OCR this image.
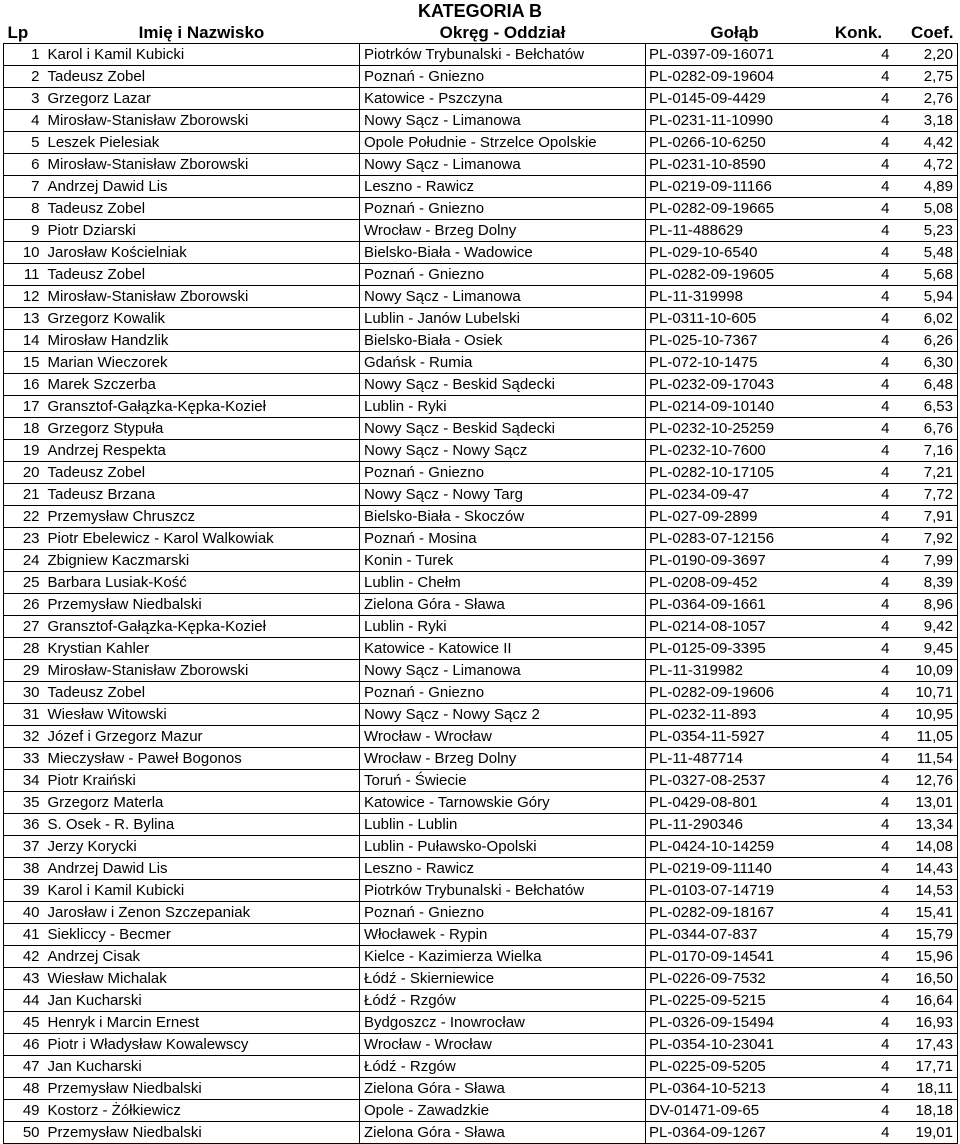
KATEGORIA B
Lp	Imię i Nazwisko	Okręg - Oddział	Gołąb	Konk.	Coef.
1	Karol i Kamil Kubicki	Piotrków Trybunalski - Bełchatów	PL-0397-09-16071	4	2,20
2	Tadeusz Zobel	Poznań - Gniezno	PL-0282-09-19604	4	2,75
3	Grzegorz Lazar	Katowice - Pszczyna	PL-0145-09-4429	4	2,76
4	Mirosław-Stanisław Zborowski	Nowy Sącz - Limanowa	PL-0231-11-10990	4	3,18
5	Leszek Pielesiak	Opole Południe - Strzelce Opolskie	PL-0266-10-6250	4	4,42
6	Mirosław-Stanisław Zborowski	Nowy Sącz - Limanowa	PL-0231-10-8590	4	4,72
7	Andrzej Dawid Lis	Leszno - Rawicz	PL-0219-09-11166	4	4,89
8	Tadeusz Zobel	Poznań - Gniezno	PL-0282-09-19665	4	5,08
9	Piotr Dziarski	Wrocław - Brzeg Dolny	PL-11-488629	4	5,23
10	Jarosław Kościelniak	Bielsko-Biała - Wadowice	PL-029-10-6540	4	5,48
11	Tadeusz Zobel	Poznań - Gniezno	PL-0282-09-19605	4	5,68
12	Mirosław-Stanisław Zborowski	Nowy Sącz - Limanowa	PL-11-319998	4	5,94
13	Grzegorz Kowalik	Lublin - Janów Lubelski	PL-0311-10-605	4	6,02
14	Mirosław Handzlik	Bielsko-Biała - Osiek	PL-025-10-7367	4	6,26
15	Marian Wieczorek	Gdańsk - Rumia	PL-072-10-1475	4	6,30
16	Marek Szczerba	Nowy Sącz - Beskid Sądecki	PL-0232-09-17043	4	6,48
17	Gransztof-Gałązka-Kępka-Kozieł	Lublin - Ryki	PL-0214-09-10140	4	6,53
18	Grzegorz Stypuła	Nowy Sącz - Beskid Sądecki	PL-0232-10-25259	4	6,76
19	Andrzej Respekta	Nowy Sącz - Nowy Sącz	PL-0232-10-7600	4	7,16
20	Tadeusz Zobel	Poznań - Gniezno	PL-0282-10-17105	4	7,21
21	Tadeusz Brzana	Nowy Sącz - Nowy Targ	PL-0234-09-47	4	7,72
22	Przemysław Chruszcz	Bielsko-Biała - Skoczów	PL-027-09-2899	4	7,91
23	Piotr Ebelewicz - Karol Walkowiak	Poznań - Mosina	PL-0283-07-12156	4	7,92
24	Zbigniew Kaczmarski	Konin - Turek	PL-0190-09-3697	4	7,99
25	Barbara Lusiak-Kość	Lublin - Chełm	PL-0208-09-452	4	8,39
26	Przemysław Niedbalski	Zielona Góra - Sława	PL-0364-09-1661	4	8,96
27	Gransztof-Gałązka-Kępka-Kozieł	Lublin - Ryki	PL-0214-08-1057	4	9,42
28	Krystian Kahler	Katowice - Katowice II	PL-0125-09-3395	4	9,45
29	Mirosław-Stanisław Zborowski	Nowy Sącz - Limanowa	PL-11-319982	4	10,09
30	Tadeusz Zobel	Poznań - Gniezno	PL-0282-09-19606	4	10,71
31	Wiesław Witowski	Nowy Sącz - Nowy Sącz 2	PL-0232-11-893	4	10,95
32	Józef i Grzegorz Mazur	Wrocław - Wrocław	PL-0354-11-5927	4	11,05
33	Mieczysław - Paweł Bogonos	Wrocław - Brzeg Dolny	PL-11-487714	4	11,54
34	Piotr Kraiński	Toruń - Świecie	PL-0327-08-2537	4	12,76
35	Grzegorz Materla	Katowice - Tarnowskie Góry	PL-0429-08-801	4	13,01
36	S. Osek - R. Bylina	Lublin - Lublin	PL-11-290346	4	13,34
37	Jerzy Korycki	Lublin - Puławsko-Opolski	PL-0424-10-14259	4	14,08
38	Andrzej Dawid Lis	Leszno - Rawicz	PL-0219-09-11140	4	14,43
39	Karol i Kamil Kubicki	Piotrków Trybunalski - Bełchatów	PL-0103-07-14719	4	14,53
40	Jarosław i Zenon Szczepaniak	Poznań - Gniezno	PL-0282-09-18167	4	15,41
41	Siekliccy - Becmer	Włocławek - Rypin	PL-0344-07-837	4	15,79
42	Andrzej Cisak	Kielce - Kazimierza Wielka	PL-0170-09-14541	4	15,96
43	Wiesław Michalak	Łódź - Skierniewice	PL-0226-09-7532	4	16,50
44	Jan Kucharski	Łódź - Rzgów	PL-0225-09-5215	4	16,64
45	Henryk i Marcin Ernest	Bydgoszcz - Inowrocław	PL-0326-09-15494	4	16,93
46	Piotr i Władysław Kowalewscy	Wrocław - Wrocław	PL-0354-10-23041	4	17,43
47	Jan Kucharski	Łódź - Rzgów	PL-0225-09-5205	4	17,71
48	Przemysław Niedbalski	Zielona Góra - Sława	PL-0364-10-5213	4	18,11
49	Kostorz - Żółkiewicz	Opole - Zawadzkie	DV-01471-09-65	4	18,18
50	Przemysław Niedbalski	Zielona Góra - Sława	PL-0364-09-1267	4	19,01
